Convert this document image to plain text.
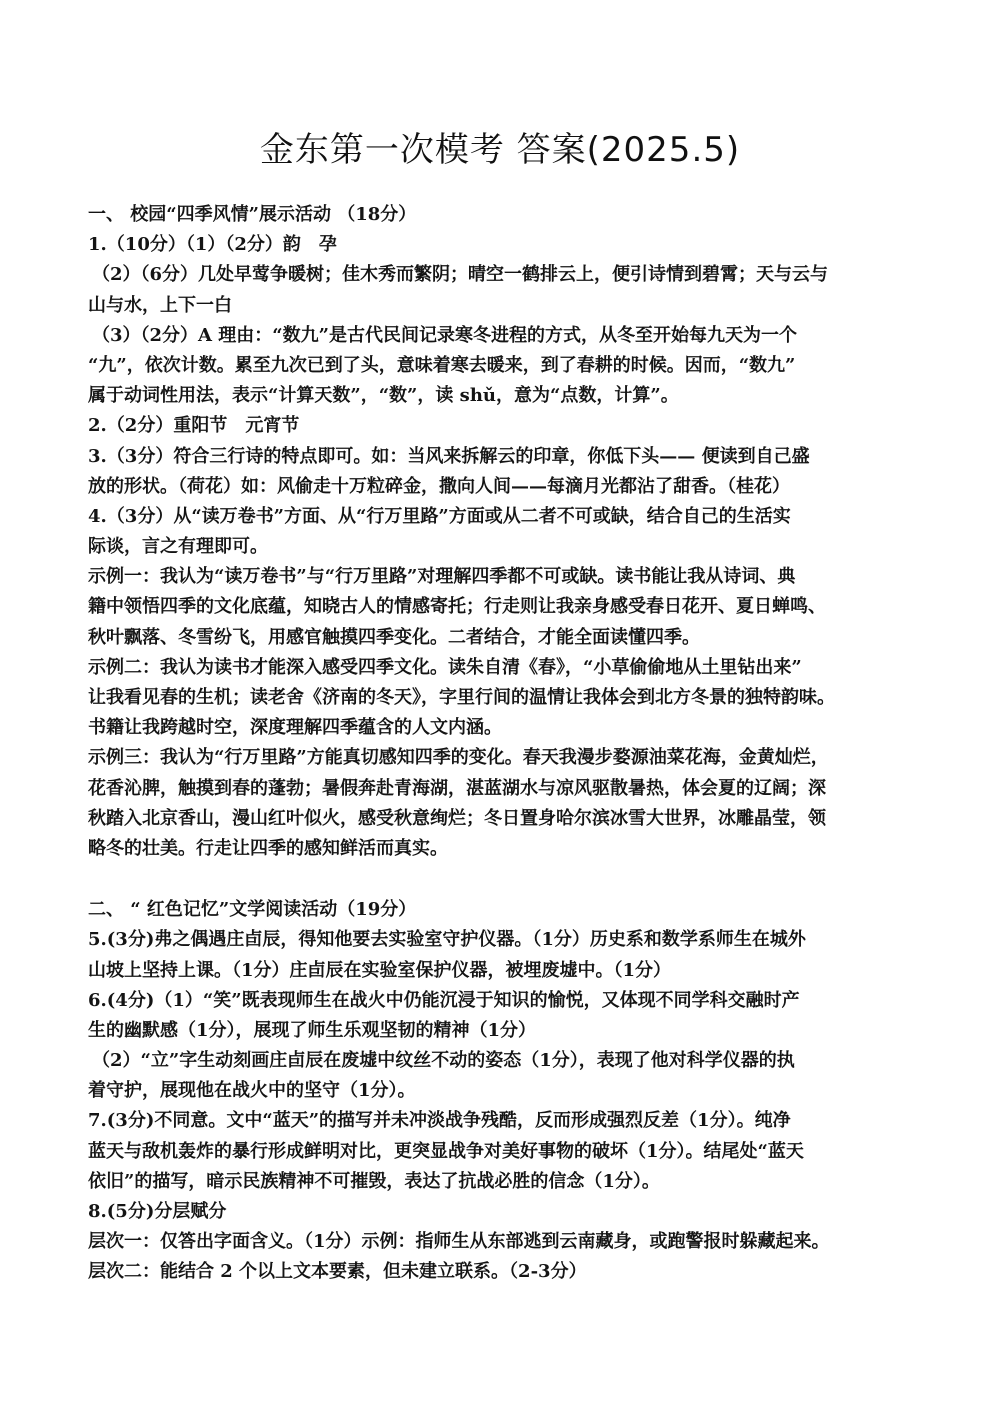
金东第一次模考 答案(2025.5)
一、 校园“四季风情”展示活动 （18分）
1.（10分）（1）（2分）韵　孕
（2）（6分）几处早莺争暖树；佳木秀而繁阴；晴空一鹤排云上，便引诗情到碧霄；天与云与
山与水，上下一白
（3）（2分）A 理由：“数九”是古代民间记录寒冬进程的方式，从冬至开始每九天为一个
“九”，依次计数。累至九次已到了头，意味着寒去暖来，到了春耕的时候。因而，“数九”
属于动词性用法，表示“计算天数”，“数”，读 shǔ，意为“点数，计算”。
2.（2分）重阳节　元宵节
3.（3分）符合三行诗的特点即可。如：当风来拆解云的印章，你低下头—— 便读到自己盛
放的形状。（荷花）如：风偷走十万粒碎金，撒向人间——每滴月光都沾了甜香。（桂花）
4.（3分）从“读万卷书”方面、从“行万里路”方面或从二者不可或缺，结合自己的生活实
际谈，言之有理即可。
示例一：我认为“读万卷书”与“行万里路”对理解四季都不可或缺。读书能让我从诗词、典
籍中领悟四季的文化底蕴，知晓古人的情感寄托；行走则让我亲身感受春日花开、夏日蝉鸣、
秋叶飘落、冬雪纷飞，用感官触摸四季变化。二者结合，才能全面读懂四季。
示例二：我认为读书才能深入感受四季文化。读朱自清《春》，“小草偷偷地从土里钻出来”
让我看见春的生机；读老舍《济南的冬天》，字里行间的温情让我体会到北方冬景的独特韵味。
书籍让我跨越时空，深度理解四季蕴含的人文内涵。
示例三：我认为“行万里路”方能真切感知四季的变化。春天我漫步婺源油菜花海，金黄灿烂，
花香沁脾，触摸到春的蓬勃；暑假奔赴青海湖，湛蓝湖水与凉风驱散暑热，体会夏的辽阔；深
秋踏入北京香山，漫山红叶似火，感受秋意绚烂；冬日置身哈尔滨冰雪大世界，冰雕晶莹，领
略冬的壮美。行走让四季的感知鲜活而真实。
二、 “ 红色记忆”文学阅读活动（19分）
5.(3分)弗之偶遇庄卣辰，得知他要去实验室守护仪器。（1分）历史系和数学系师生在城外
山坡上坚持上课。（1分）庄卣辰在实验室保护仪器，被埋废墟中。（1分）
6.(4分)（1）“笑”既表现师生在战火中仍能沉浸于知识的愉悦，又体现不同学科交融时产
生的幽默感（1分），展现了师生乐观坚韧的精神（1分）
（2）“立”字生动刻画庄卣辰在废墟中纹丝不动的姿态（1分），表现了他对科学仪器的执
着守护，展现他在战火中的坚守（1分）。
7.(3分)不同意。文中“蓝天”的描写并未冲淡战争残酷，反而形成强烈反差（1分）。纯净
蓝天与敌机轰炸的暴行形成鲜明对比，更突显战争对美好事物的破坏（1分）。结尾处“蓝天
依旧”的描写，暗示民族精神不可摧毁，表达了抗战必胜的信念（1分）。
8.(5分)分层赋分
层次一：仅答出字面含义。（1分）示例：指师生从东部逃到云南藏身，或跑警报时躲藏起来。
层次二：能结合 2 个以上文本要素，但未建立联系。（2-3分）
